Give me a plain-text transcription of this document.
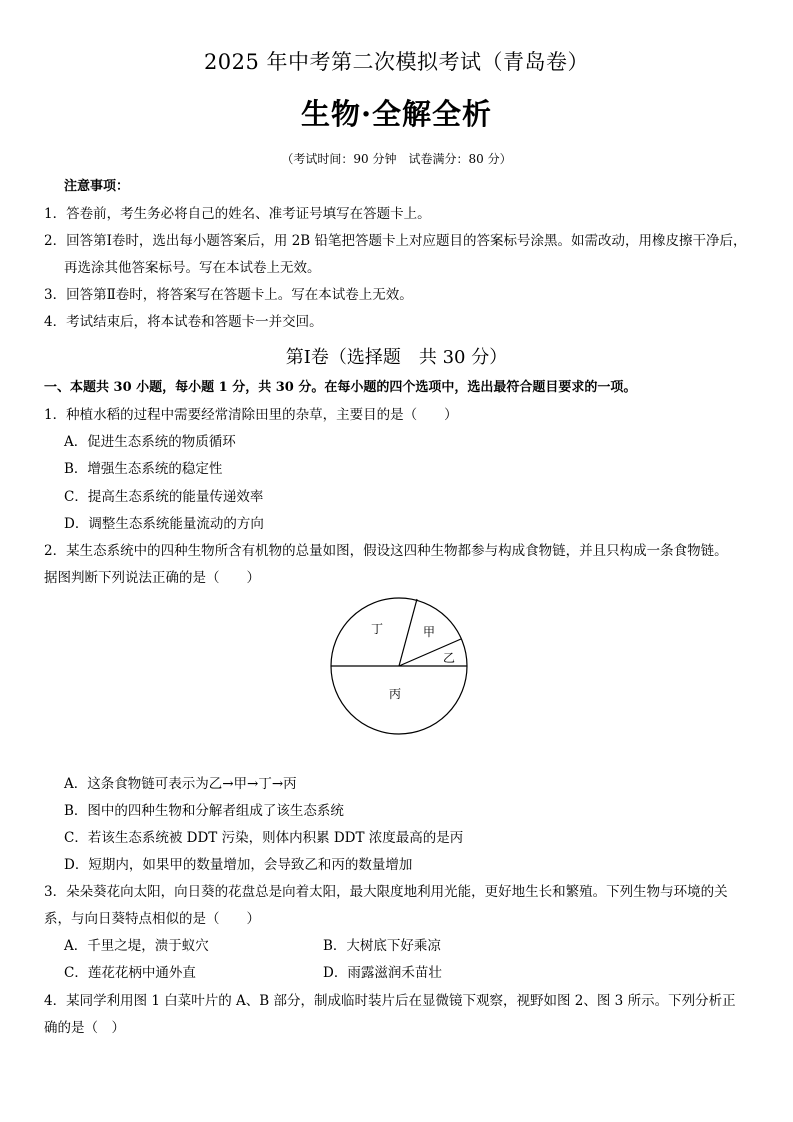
2025 年中考第二次模拟考试（青岛卷）
生物·全解全析
（考试时间：90 分钟　试卷满分：80 分）
注意事项：
1．答卷前，考生务必将自己的姓名、准考证号填写在答题卡上。
2．回答第Ⅰ卷时，选出每小题答案后，用 2B 铅笔把答题卡上对应题目的答案标号涂黑。如需改动，用橡皮擦干净后，
再选涂其他答案标号。写在本试卷上无效。
3．回答第Ⅱ卷时，将答案写在答题卡上。写在本试卷上无效。
4．考试结束后，将本试卷和答题卡一并交回。
第Ⅰ卷（选择题　共 30 分）
一、本题共 30 小题，每小题 1 分，共 30 分。在每小题的四个选项中，选出最符合题目要求的一项。
1．种植水稻的过程中需要经常清除田里的杂草，主要目的是（　　）
A．促进生态系统的物质循环
B．增强生态系统的稳定性
C．提高生态系统的能量传递效率
D．调整生态系统能量流动的方向
2．某生态系统中的四种生物所含有机物的总量如图，假设这四种生物都参与构成食物链，并且只构成一条食物链。
据图判断下列说法正确的是（　　）
丁	甲
乙
丙
A．这条食物链可表示为乙→甲→丁→丙
B．图中的四种生物和分解者组成了该生态系统
C．若该生态系统被 DDT 污染，则体内积累 DDT 浓度最高的是丙
D．短期内，如果甲的数量增加，会导致乙和丙的数量增加
3．朵朵葵花向太阳，向日葵的花盘总是向着太阳，最大限度地利用光能，更好地生长和繁殖。下列生物与环境的关
系，与向日葵特点相似的是（　　）
A．千里之堤，溃于蚁穴	B．大树底下好乘凉
C．莲花花柄中通外直	D．雨露滋润禾苗壮
4．某同学利用图 1 白菜叶片的 A、B 部分，制成临时装片后在显微镜下观察，视野如图 2、图 3 所示。下列分析正
确的是（　）
